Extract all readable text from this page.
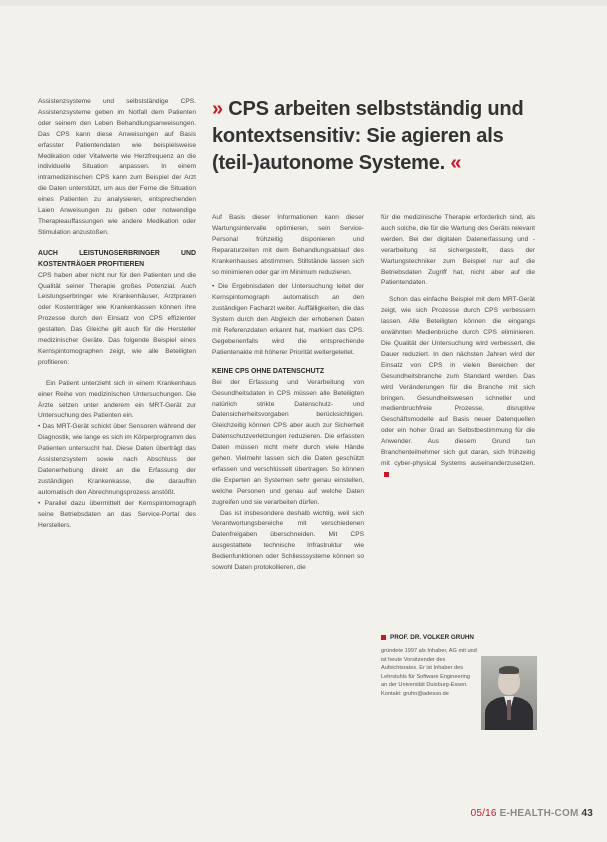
Assistenzsysteme und selbstständige CPS. Assistenzsysteme geben im Notfall dem Patienten oder seinem den Leben Behandlungsanweisungen. Das CPS kann diese Anweisungen auf Basis erfasster Patientendaten wie beispielsweise Medikation oder Vitalwerte wie Herzfrequenz an die individuelle Situation anpassen. In einem intramedizinischen CPS kann zum Beispiel der Arzt die Daten unterstützt, um aus der Ferne die Situation eines Patienten zu analysieren, entsprechenden Laien Anweisungen zu geben oder notwendige Therapieauffassungen wie andere Medikation oder Stimulation anzustoßen.

AUCH LEISTUNGSERBRINGER UND KOSTENTRÄGER PROFITIEREN

CPS haben aber nicht nur für den Patienten und die Qualität seiner Therapie großes Potenzial. Auch Leistungserbringer wie Krankenhäuser, Arztpraxen oder Kostenträger wie Krankenkassen können ihre Prozesse durch den Einsatz von CPS effizienter gestalten. Das Gleiche gilt auch für die Hersteller medizinischer Geräte. Das folgende Beispiel eines Kernspintomographen zeigt, wie alle Beteiligten profitieren:

Ein Patient unterzieht sich in einem Krankenhaus einer Reihe von medizinischen Untersuchungen. Die Ärzte setzen unter anderem ein MRT-Gerät zur Untersuchung des Patienten ein.

• Das MRT-Gerät schickt über Sensoren während der Diagnostik, wie lange es sich im Körperprogramm des Patienten untersucht hat. Diese Daten überträgt das Assistenzsystem sowie nach Abschluss der Datenerhebung direkt an die Erfassung der zuständigen Krankenkasse, die daraufhin automatisch den Abrechnungsprozess anstößt.

• Parallel dazu übermittelt der Kernspintomograph seine Betriebsdaten an das Service-Portal des Herstellers.

» CPS arbeiten selbstständig und kontextsensitiv: Sie agieren als (teil-)autonome Systeme. «

Auf Basis dieser Informationen kann dieser Wartungsintervalle optimieren, sein Service-Personal frühzeitig disponieren und Reparaturzeiten mit dem Behandlungsablauf des Krankenhauses abstimmen. Stillstände lassen sich so minimieren oder gar im Minimum reduzieren.

• Die Ergebnisdaten der Untersuchung leitet der Kernspintomograph automatisch an den zuständigen Facharzt weiter. Auffälligkeiten, die das System durch den Abgleich der erhobenen Daten mit Referenzdaten erkannt hat, markiert das CPS. Gegebenenfalls wird die entsprechende Patientenakte mit höherer Priorität weitergeleitet.

KEINE CPS OHNE DATENSCHUTZ

Bei der Erfassung und Verarbeitung von Gesundheitsdaten in CPS müssen alle Beteiligten natürlich strikte Datenschutz- und Datensicherheitsvorgaben berücksichtigen. Gleichzeitig können CPS aber auch zur Sicherheit Datenschutzverletzungen reduzieren. Die erfassten Daten müssen nicht mehr durch viele Hände gehen. Vielmehr lassen sich die Daten geschützt erfassen und verschlüsselt übertragen. So können die Experten an Systemen sehr genau einstellen, welche Personen und genau auf welche Daten zugreifen und sie verarbeiten dürfen.

Das ist insbesondere deshalb wichtig, weil sich Verantwortungsbereiche mit verschiedenen Datenfreigaben überschneiden. Mit CPS ausgestattete technische Infrastruktur wie Bedienfunktionen oder Schliesssysteme können so sowohl Daten protokollieren, die

für die medizinische Therapie erforderlich sind, als auch solche, die für die Wartung des Geräts relevant werden. Bei der digitalen Datenerfassung und -verarbeitung ist sichergestellt, dass der Wartungstechniker zum Beispiel nur auf die Betriebsdaten Zugriff hat, nicht aber auf die Patientendaten.

Schon das einfache Beispiel mit dem MRT-Gerät zeigt, wie sich Prozesse durch CPS verbessern lassen. Alle Beteiligten können die eingangs erwähnten Medienbrüche durch CPS eliminieren. Die Qualität der Untersuchung wird verbessert, die Dauer reduziert. In den nächsten Jahren wird der Einsatz von CPS in vielen Bereichen der Gesundheitsbranche zum Standard werden. Das wird Veränderungen für die Branche mit sich bringen. Gesundheitswesen schneller und medienbruchfreie Prozesse, disruptive Geschäftsmodelle auf Basis neuer Datenquellen oder ein hoher Grad an Selbstbestimmung für die Anwender. Aus diesem Grund tun Branchenteilnehmer sich gut daran, sich frühzeitig mit cyber-physical Systems auseinanderzusetzen.

PROF. DR. VOLKER GRUHN
gründete 1997 als Inhaber, AG mit und ist heute Vorsitzender des Aufsichtsrates. Er ist Inhaber des Lehrstuhls für Software Engineering an der Universität Duisburg-Essen. Kontakt: gruhn@adesso.de
05/16 E-HEALTH-COM 43
